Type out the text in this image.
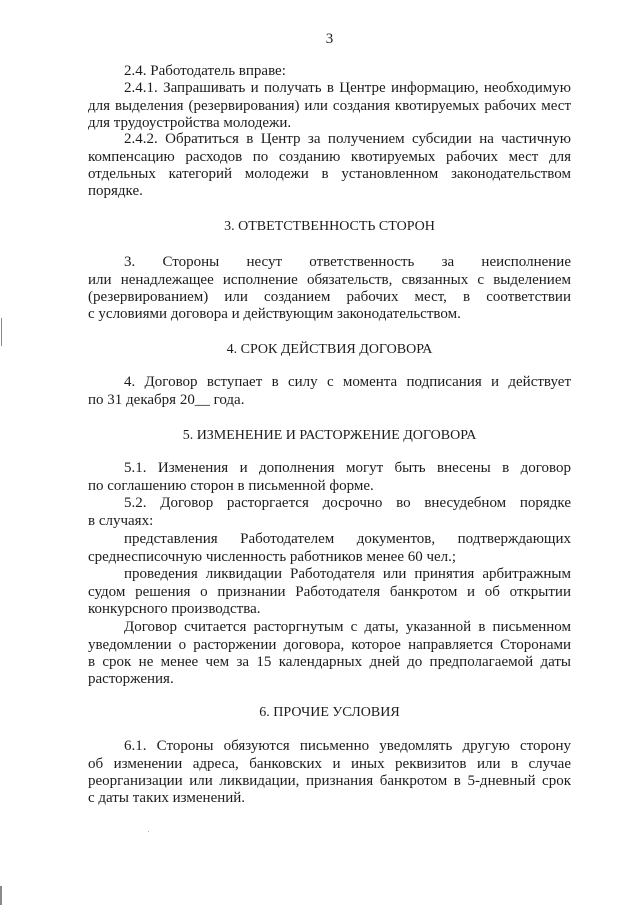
3
2.4. Работодатель вправе:
2.4.1. Запрашивать и получать в Центре информацию, необходимую
для выделения (резервирования) или создания квотируемых рабочих мест
для трудоустройства молодежи.
2.4.2. Обратиться в Центр за получением субсидии на частичную
компенсацию расходов по созданию квотируемых рабочих мест для
отдельных категорий молодежи в установленном законодательством
порядке.
3. ОТВЕТСТВЕННОСТЬ СТОРОН
3. Стороны несут ответственность за неисполнение
или ненадлежащее исполнение обязательств, связанных с выделением
(резервированием) или созданием рабочих мест, в соответствии
с условиями договора и действующим законодательством.
4. СРОК ДЕЙСТВИЯ ДОГОВОРА
4. Договор вступает в силу с момента подписания и действует
по 31 декабря 20__ года.
5. ИЗМЕНЕНИЕ И РАСТОРЖЕНИЕ ДОГОВОРА
5.1. Изменения и дополнения могут быть внесены в договор
по соглашению сторон в письменной форме.
5.2. Договор расторгается досрочно во внесудебном порядке
в случаях:
представления Работодателем документов, подтверждающих
среднесписочную численность работников менее 60 чел.;
проведения ликвидации Работодателя или принятия арбитражным
судом решения о признании Работодателя банкротом и об открытии
конкурсного производства.
Договор считается расторгнутым с даты, указанной в письменном
уведомлении о расторжении договора, которое направляется Сторонами
в срок не менее чем за 15 календарных дней до предполагаемой даты
расторжения.
6. ПРОЧИЕ УСЛОВИЯ
6.1. Стороны обязуются письменно уведомлять другую сторону
об изменении адреса, банковских и иных реквизитов или в случае
реорганизации или ликвидации, признания банкротом в 5-дневный срок
с даты таких изменений.
